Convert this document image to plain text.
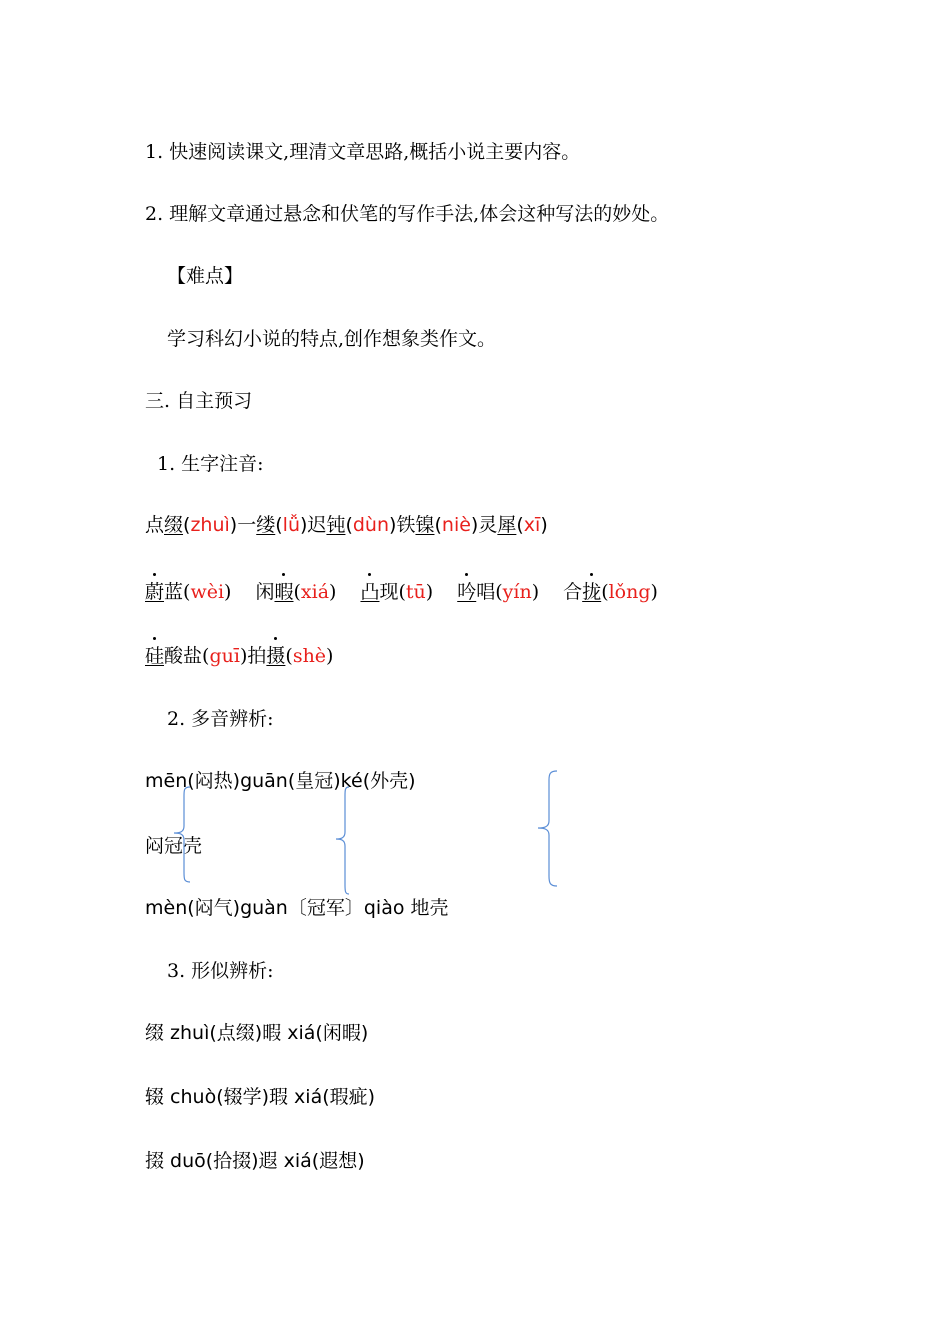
1. 快速阅读课文,理清文章思路,概括小说主要内容。

2. 理解文章通过悬念和伏笔的写作手法,体会这种写法的妙处。

【难点】

学习科幻小说的特点,创作想象类作文。

三. 自主预习

1. 生字注音:

点缀(zhuì)一缕(lǚ)迟钝(dùn)铁镍(niè)灵犀(xī)

蔚蓝(wèi) 闲暇(xiá) 凸现(tū) 吟唱(yín) 合拢(lǒng)

硅酸盐(guī)拍摄(shè)

2. 多音辨析:

mēn(闷热)guān(皇冠)ké(外壳)

闷冠壳

mèn(闷气)guàn〔冠军〕qiào 地壳

3. 形似辨析:

缀 zhuì(点缀)暇 xiá(闲暇)

辍 chuò(辍学)瑕 xiá(瑕疵)

掇 duō(拾掇)遐 xiá(遐想)
